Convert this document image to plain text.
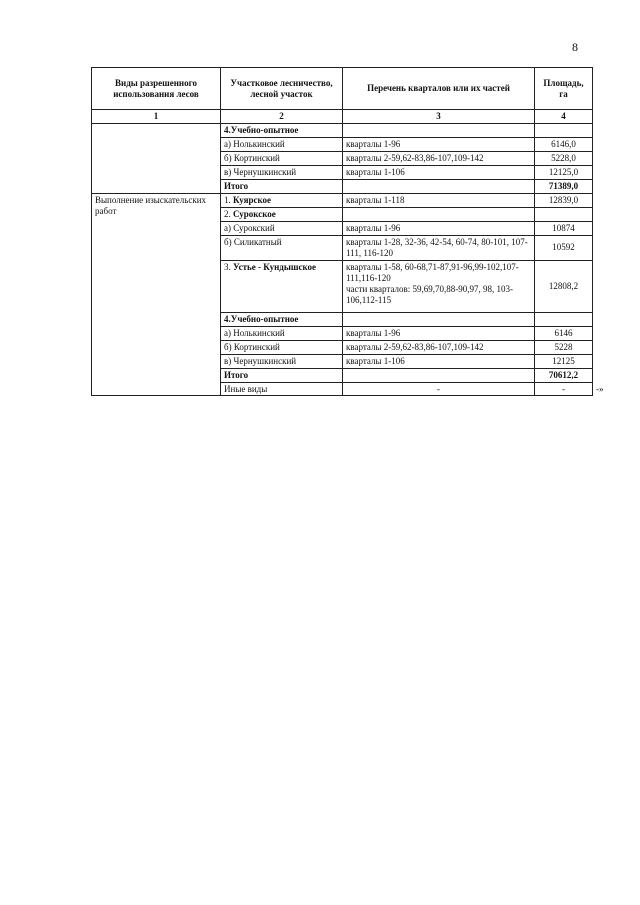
8
Виды разрешенного использования лесов	Участковое лесничество, лесной участок	Перечень кварталов или их частей	Площадь, га	
1	2	3	4	
	4.Учебно-опытное			
	а) Нолькинский	кварталы 1-96	6146,0	
	б) Кортинский	кварталы 2-59,62-83,86-107,109-142	5228,0	
	в) Чернушкинский	кварталы 1-106	12125,0	
	Итого		71389,0	
Выполнение изыскательских работ	1. Куярское	кварталы 1-118	12839,0	
	2. Сурокское			
	а) Сурокский	кварталы 1-96	10874	
	б) Силикатный	кварталы 1-28, 32-36, 42-54, 60-74, 80-101, 107-111, 116-120	10592	
	3. Устье - Кундышское	кварталы 1-58, 60-68,71-87,91-96,99-102,107-111,116-120
части кварталов: 59,69,70,88-90,97, 98, 103-106,112-115	12808,2	
	4.Учебно-опытное			
	а) Нолькинский	кварталы 1-96	6146	
	б) Кортинский	кварталы 2-59,62-83,86-107,109-142	5228	
	в) Чернушкинский	кварталы 1-106	12125	
	Итого		70612,2	
	Иные виды	-	-	-»
